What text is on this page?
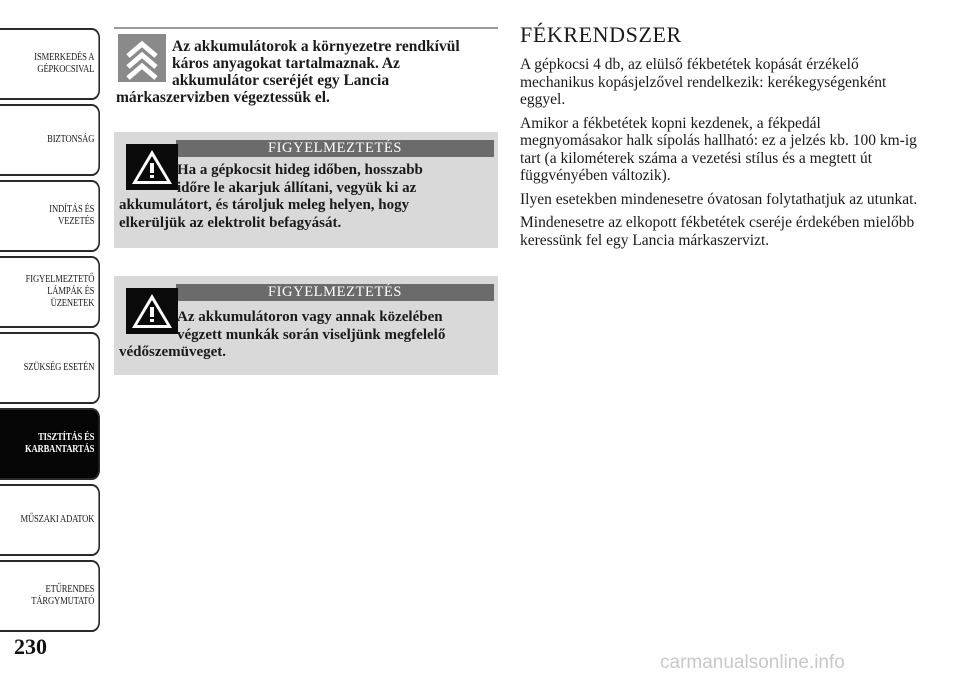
ISMERKEDÉS A
GÉPKOCSIVAL
BIZTONSÁG
INDÍTÁS ÉS
VEZETÉS
FIGYELMEZTETŐ
LÁMPÁK ÉS
ÜZENETEK
SZÜKSÉG ESETÉN
TISZTÍTÁS ÉS
KARBANTARTÁS
MŰSZAKI ADATOK
ETŰRENDES
TÁRGYMUTATÓ
230
Az akkumulátorok a környezetre rendkívül
káros anyagokat tartalmaznak. Az
akkumulátor cseréjét egy Lancia
márkaszervizben végeztessük el.
FIGYELMEZTETÉS
Ha a gépkocsit hideg időben, hosszabb
időre le akarjuk állítani, vegyük ki az
akkumulátort, és tároljuk meleg helyen, hogy
elkerüljük az elektrolit befagyását.
FIGYELMEZTETÉS
Az akkumulátoron vagy annak közelében
végzett munkák során viseljünk megfelelő
védőszemüveget.
FÉKRENDSZER

A gépkocsi 4 db, az elülső fékbetétek kopását érzékelő mechanikus kopásjelzővel rendelkezik: kerékegységenként eggyel.

Amikor a fékbetétek kopni kezdenek, a fékpedál megnyomásakor halk sípolás hallható: ez a jelzés kb. 100 km-ig tart (a kilométerek száma a vezetési stílus és a megtett út függvényében változik).

Ilyen esetekben mindenesetre óvatosan folytathatjuk az utunkat.

Mindenesetre az elkopott fékbetétek cseréje érdekében mielőbb keressünk fel egy Lancia márkaszervizt.

carmanualsonline.info
